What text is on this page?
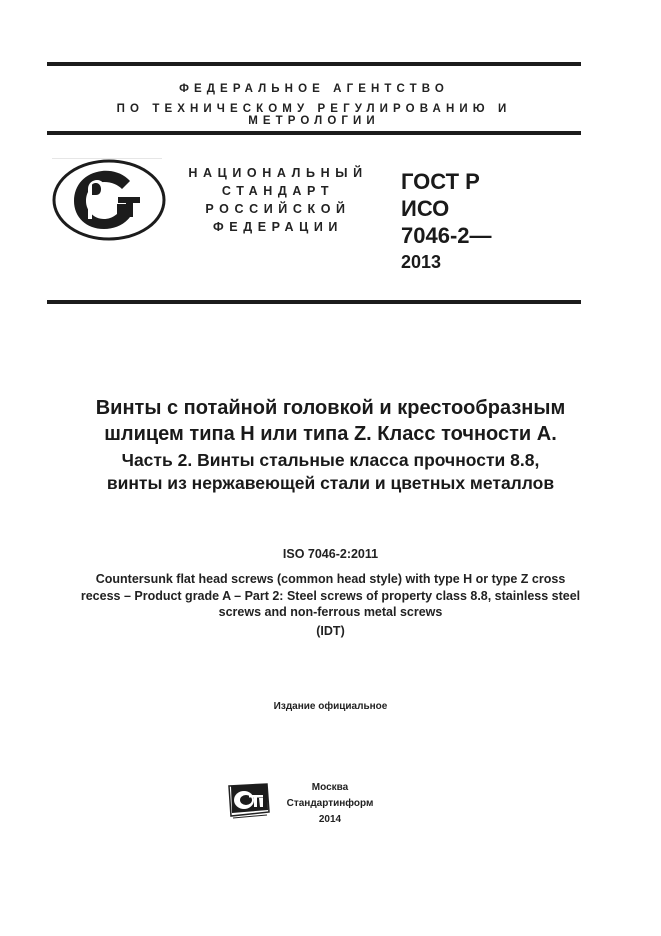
ФЕДЕРАЛЬНОЕ АГЕНТСТВО
ПО ТЕХНИЧЕСКОМУ РЕГУЛИРОВАНИЮ И МЕТРОЛОГИИ
НАЦИОНАЛЬНЫЙ
СТАНДАРТ
РОССИЙСКОЙ
ФЕДЕРАЦИИ
ГОСТ Р
ИСО
7046-2—
2013
Винты с потайной головкой и крестообразным
шлицем типа H или типа Z. Класс точности A.
Часть 2. Винты стальные класса прочности 8.8,
винты из нержавеющей стали и цветных металлов
ISO 7046-2:2011
Countersunk flat head screws (common head style) with type H or type Z cross
recess – Product grade A – Part 2: Steel screws of property class 8.8, stainless steel
screws and non-ferrous metal screws
(IDT)
Издание официальное
Москва
Стандартинформ
2014
